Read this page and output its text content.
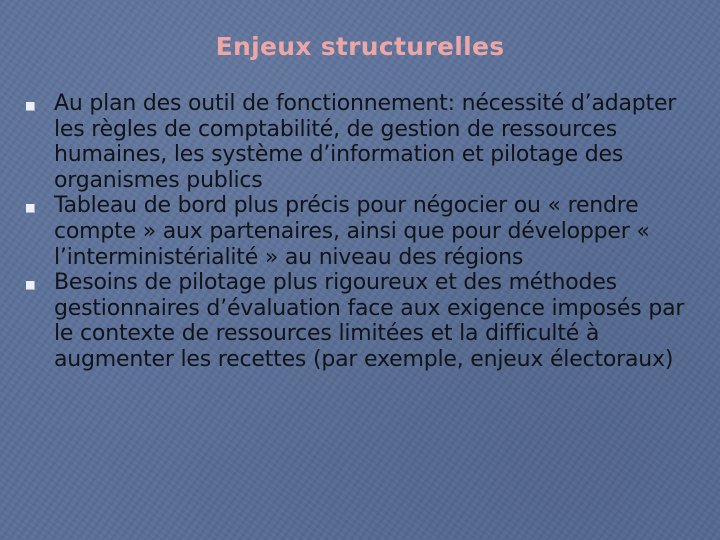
Enjeux structurelles
Au plan des outil de fonctionnement: nécessité d’adapter les règles de comptabilité, de gestion de ressources humaines, les système d’information et pilotage des organismes publics
Tableau de bord plus précis pour négocier ou « rendre compte » aux partenaires, ainsi que pour développer « l’interministérialité » au niveau des régions
Besoins de pilotage plus rigoureux et des méthodes gestionnaires d’évaluation face aux exigence imposés par le contexte de ressources limitées et la difficulté à augmenter les recettes (par exemple, enjeux électoraux)
